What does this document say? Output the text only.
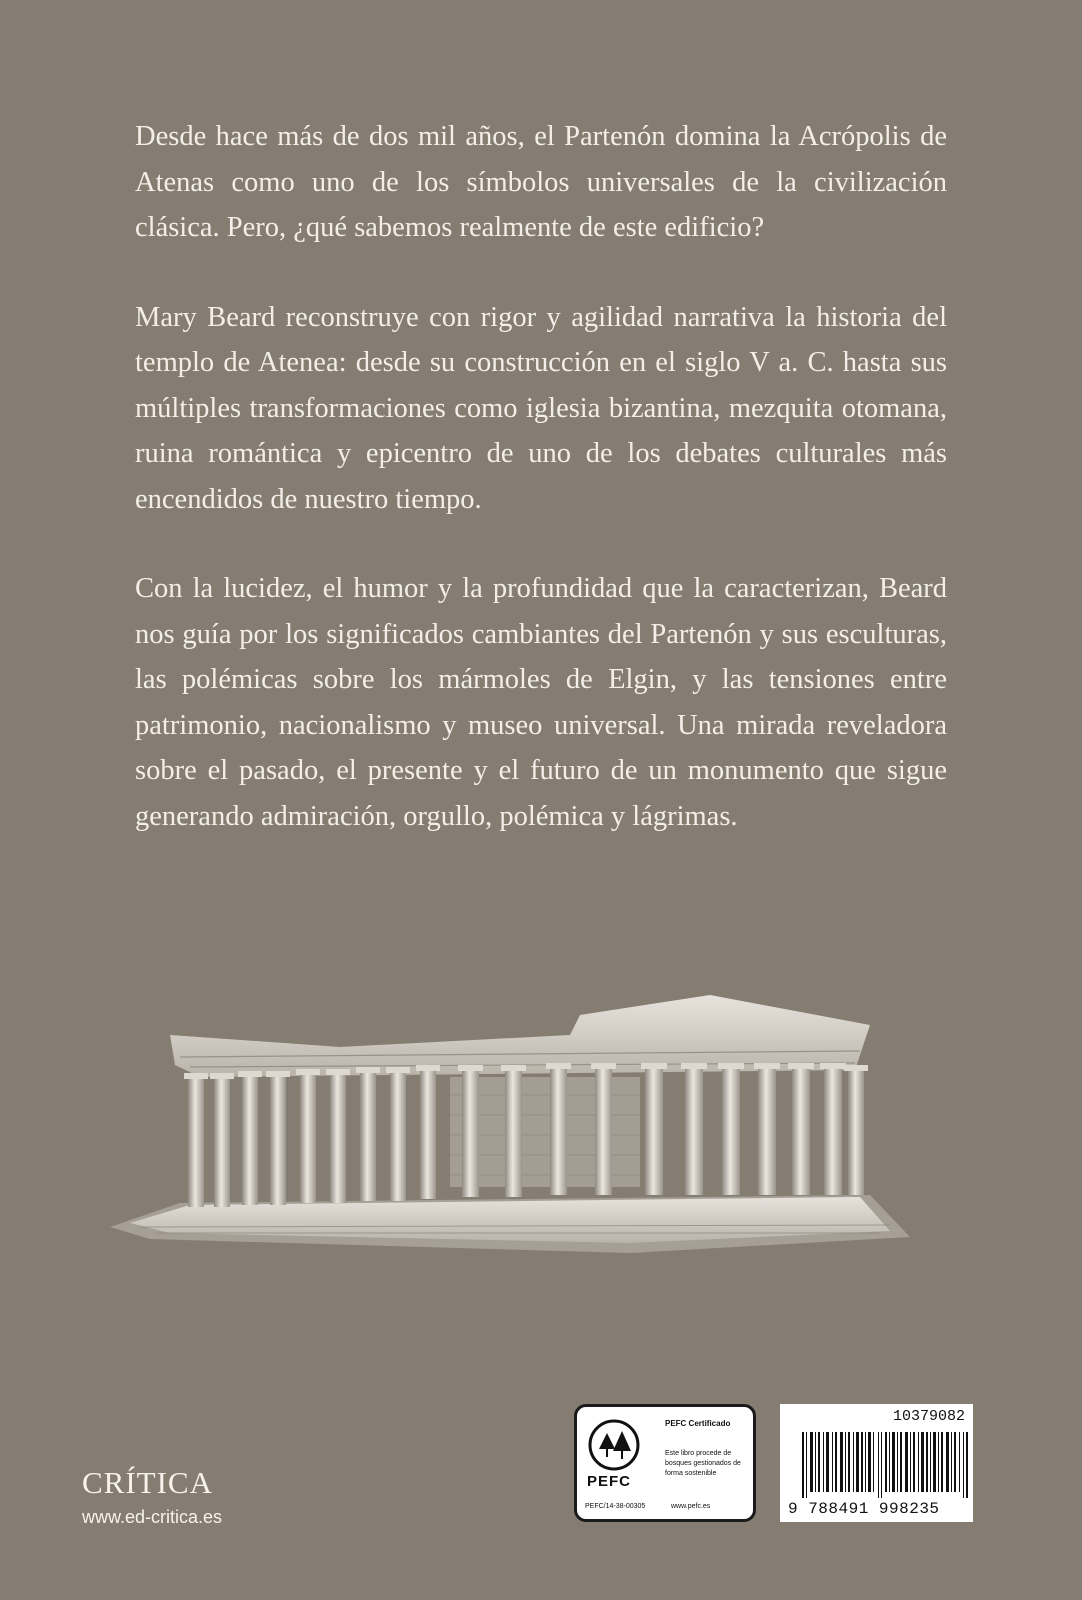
Desde hace más de dos mil años, el Partenón domina la Acrópolis de Atenas como uno de los símbolos universales de la civilización clásica. Pero, ¿qué sabemos realmente de este edificio?

Mary Beard reconstruye con rigor y agilidad narrativa la historia del templo de Atenea: desde su construcción en el siglo V a. C. hasta sus múltiples transformaciones como iglesia bizantina, mezquita otomana, ruina romántica y epicentro de uno de los debates culturales más encendidos de nuestro tiempo.

Con la lucidez, el humor y la profundidad que la caracterizan, Beard nos guía por los significados cambiantes del Partenón y sus esculturas, las polémicas sobre los mármoles de Elgin, y las tensiones entre patrimonio, nacionalismo y museo universal. Una mirada reveladora sobre el pasado, el presente y el futuro de un monumento que sigue generando admiración, orgullo, polémica y lágrimas.

CRÍTICA
www.ed-critica.es
PEFC
PEFC/14-38-00305
PEFC Certificado
Este libro procede de bosques gestionados de forma sostenible
www.pefc.es
10379082
9 788491 998235
